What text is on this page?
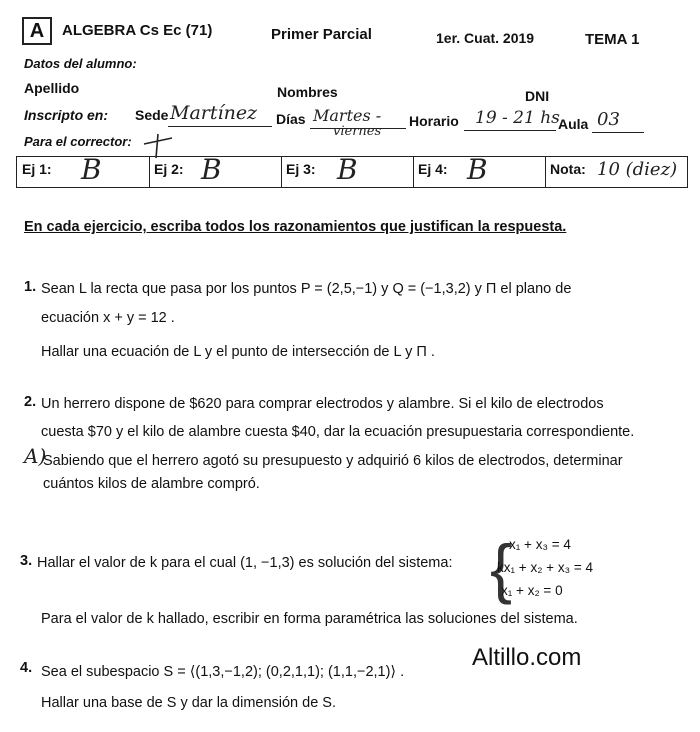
A	ALGEBRA Cs Ec (71)	Primer Parcial	1er. Cuat. 2019	TEMA 1
Datos del alumno:
Apellido	Nombres	DNI
Inscripto en: Sede Martínez Días Martes -
viernes
Horario 19 - 21 hs
Aula 03
Para el corrector:
Ej 1: B	Ej 2: B	Ej 3: B	Ej 4: B	Nota: 10 (diez)
En cada ejercicio, escriba todos los razonamientos que justifican la respuesta.
1. Sean L la recta que pasa por los puntos P = (2,5,−1) y Q = (−1,3,2) y Π el plano de
ecuación x + y = 12 .
Hallar una ecuación de L y el punto de intersección de L y Π .
2. Un herrero dispone de $620 para comprar electrodos y alambre. Si el kilo de electrodos
cuesta $70 y el kilo de alambre cuesta $40, dar la ecuación presupuestaria correspondiente.
A)
Sabiendo que el herrero agotó su presupuesto y adquirió 6 kilos de electrodos, determinar
cuántos kilos de alambre compró.
3. Hallar el valor de k para el cual (1, −1,3) es solución del sistema: {
x₁ + x₃ = 4
kx₁ + x₂ + x₃ = 4
x₁ + x₂ = 0
Para el valor de k hallado, escribir en forma paramétrica las soluciones del sistema.
4. Sea el subespacio S = ⟨(1,3,−1,2); (0,2,1,1); (1,1,−2,1)⟩ .
Hallar una base de S y dar la dimensión de S.
Altillo.com
